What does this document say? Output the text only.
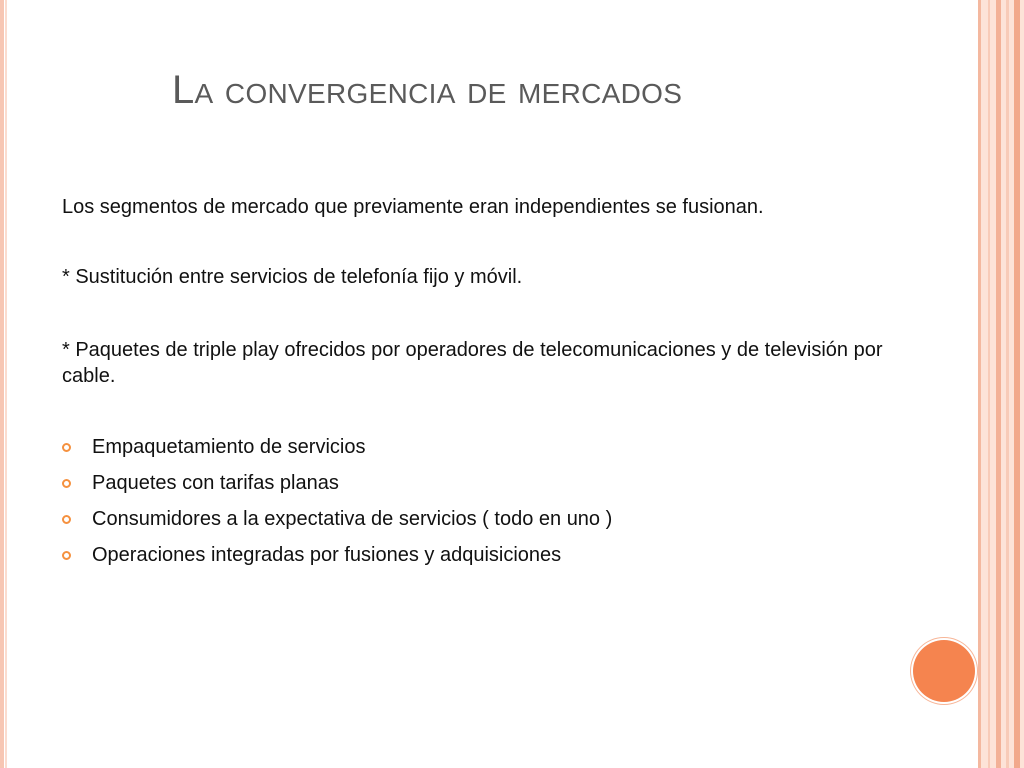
La convergencia de mercados
Los segmentos de mercado que previamente eran independientes se fusionan.
* Sustitución entre servicios de telefonía fijo y móvil.
* Paquetes de triple play ofrecidos por operadores de telecomunicaciones y de televisión por cable.
Empaquetamiento de servicios
Paquetes con tarifas planas
Consumidores a la expectativa de servicios ( todo en uno )
Operaciones integradas por fusiones y adquisiciones
